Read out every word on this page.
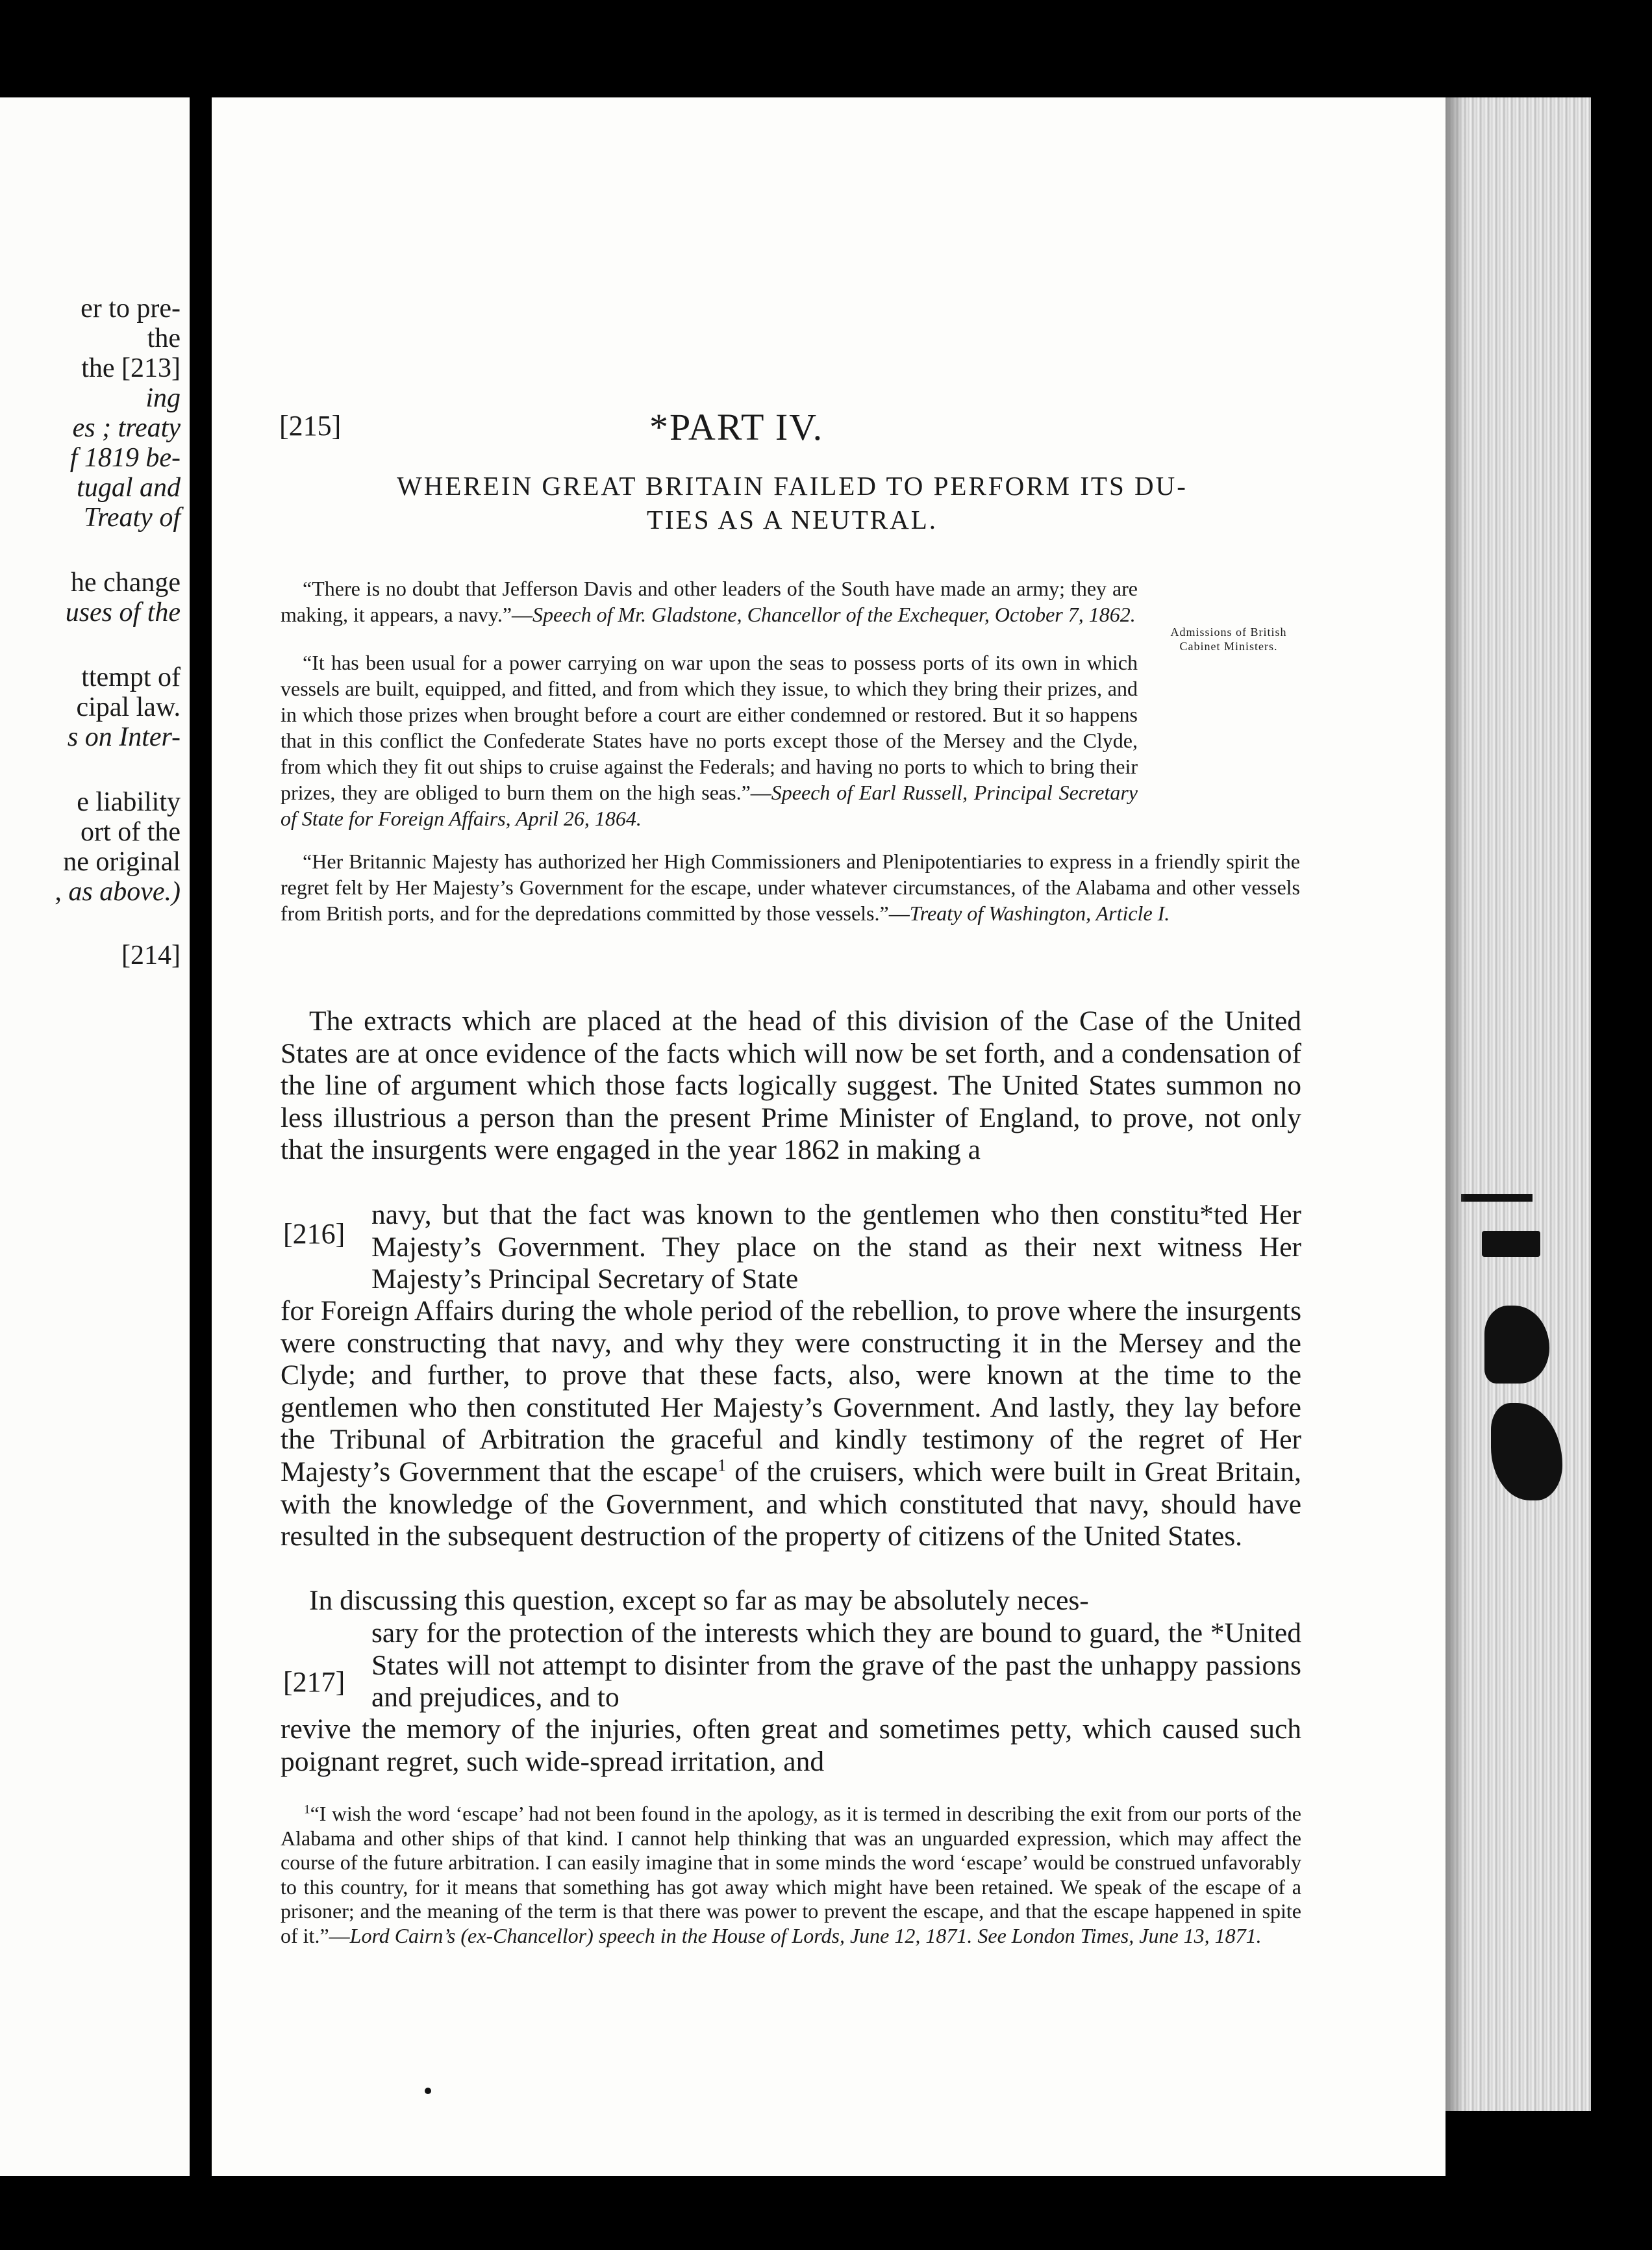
er to pre-
the
the [213]
ing
es ; treaty
f 1819 be-
tugal and
Treaty of
he change
uses of the
ttempt of
cipal law.
s on Inter-
e liability
ort of the
ne original
, as above.)
[214]
[215]	*PART IV.
WHEREIN GREAT BRITAIN FAILED TO PERFORM ITS DU-
TIES AS A NEUTRAL.
Admissions of British Cabinet Ministers.

“There is no doubt that Jefferson Davis and other leaders of the South have made an army; they are making, it appears, a navy.”—Speech of Mr. Gladstone, Chancellor of the Exchequer, October 7, 1862.

“It has been usual for a power carrying on war upon the seas to possess ports of its own in which vessels are built, equipped, and fitted, and from which they issue, to which they bring their prizes, and in which those prizes when brought before a court are either condemned or restored. But it so happens that in this conflict the Confederate States have no ports except those of the Mersey and the Clyde, from which they fit out ships to cruise against the Federals; and having no ports to which to bring their prizes, they are obliged to burn them on the high seas.”—Speech of Earl Russell, Principal Secretary of State for Foreign Affairs, April 26, 1864.

“Her Britannic Majesty has authorized her High Commissioners and Plenipotentiaries to express in a friendly spirit the regret felt by Her Majesty’s Government for the escape, under whatever circumstances, of the Alabama and other vessels from British ports, and for the depredations committed by those vessels.”—Treaty of Washington, Article I.

The extracts which are placed at the head of this division of the Case of the United States are at once evidence of the facts which will now be set forth, and a condensation of the line of argument which those facts logically suggest. The United States summon no less illustrious a person than the present Prime Minister of England, to prove, not only that the insurgents were engaged in the year 1862 in making a

[216]

navy, but that the fact was known to the gentlemen who then constitu*ted Her Majesty’s Government. They place on the stand as their next witness Her Majesty’s Principal Secretary of State

for Foreign Affairs during the whole period of the rebellion, to prove where the insurgents were constructing that navy, and why they were constructing it in the Mersey and the Clyde; and further, to prove that these facts, also, were known at the time to the gentlemen who then constituted Her Majesty’s Government. And lastly, they lay before the Tribunal of Arbitration the graceful and kindly testimony of the regret of Her Majesty’s Government that the escape$^1$ of the cruisers, which were built in Great Britain, with the knowledge of the Government, and which constituted that navy, should have resulted in the subsequent destruction of the property of citizens of the United States.

In discussing this question, except so far as may be absolutely neces-

[217]

sary for the protection of the interests which they are bound to guard, the *United States will not attempt to disinter from the grave of the past the unhappy passions and prejudices, and to

revive the memory of the injuries, often great and sometimes petty, which caused such poignant regret, such wide-spread irritation, and

$^1$“I wish the word ‘escape’ had not been found in the apology, as it is termed in describing the exit from our ports of the Alabama and other ships of that kind. I cannot help thinking that was an unguarded expression, which may affect the course of the future arbitration. I can easily imagine that in some minds the word ‘escape’ would be construed unfavorably to this country, for it means that something has got away which might have been retained. We speak of the escape of a prisoner; and the meaning of the term is that there was power to prevent the escape, and that the escape happened in spite of it.”—Lord Cairn’s (ex-Chancellor) speech in the House of Lords, June 12, 1871. See London Times, June 13, 1871.
